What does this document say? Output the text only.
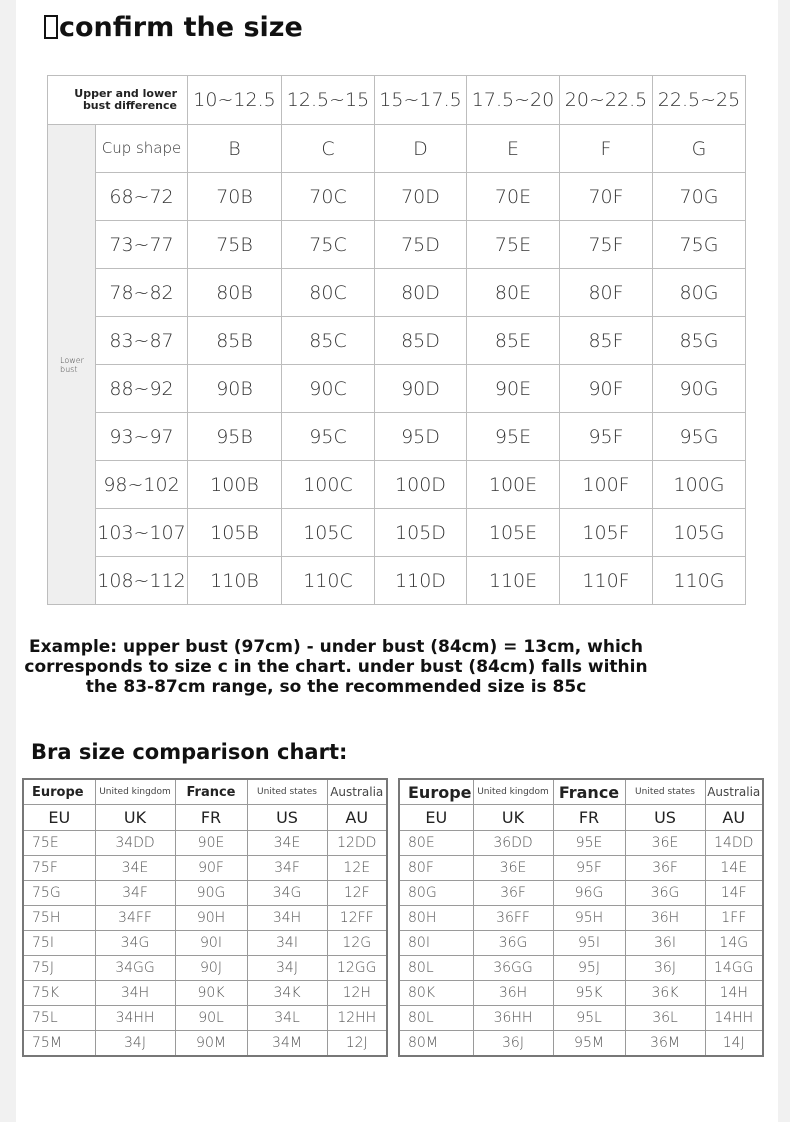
confirm the size
Upper and lower bust difference		10~12.5	12.5~15	15~17.5	17.5~20	20~22.5	22.5~25
Lower bust	Cup shape	B	C	D	E	F	G
	68~72	70B	70C	70D	70E	70F	70G
	73~77	75B	75C	75D	75E	75F	75G
	78~82	80B	80C	80D	80E	80F	80G
	83~87	85B	85C	85D	85E	85F	85G
	88~92	90B	90C	90D	90E	90F	90G
	93~97	95B	95C	95D	95E	95F	95G
	98~102	100B	100C	100D	100E	100F	100G
	103~107	105B	105C	105D	105E	105F	105G
	108~112	110B	110C	110D	110E	110F	110G
Example: upper bust (97cm) - under bust (84cm) = 13cm, which
corresponds to size c in the chart. under bust (84cm) falls within
the 83-87cm range, so the recommended size is 85c
Bra size comparison chart:
Europe	United kingdom	France	United states	Australia
EU	UK	FR	US	AU
75E	34DD	90E	34E	12DD
75F	34E	90F	34F	12E
75G	34F	90G	34G	12F
75H	34FF	90H	34H	12FF
75I	34G	90I	34I	12G
75J	34GG	90J	34J	12GG
75K	34H	90K	34K	12H
75L	34HH	90L	34L	12HH
75M	34J	90M	34M	12J
Europe	United kingdom	France	United states	Australia
EU	UK	FR	US	AU
80E	36DD	95E	36E	14DD
80F	36E	95F	36F	14E
80G	36F	96G	36G	14F
80H	36FF	95H	36H	1FF
80I	36G	95I	36I	14G
80L	36GG	95J	36J	14GG
80K	36H	95K	36K	14H
80L	36HH	95L	36L	14HH
80M	36J	95M	36M	14J
